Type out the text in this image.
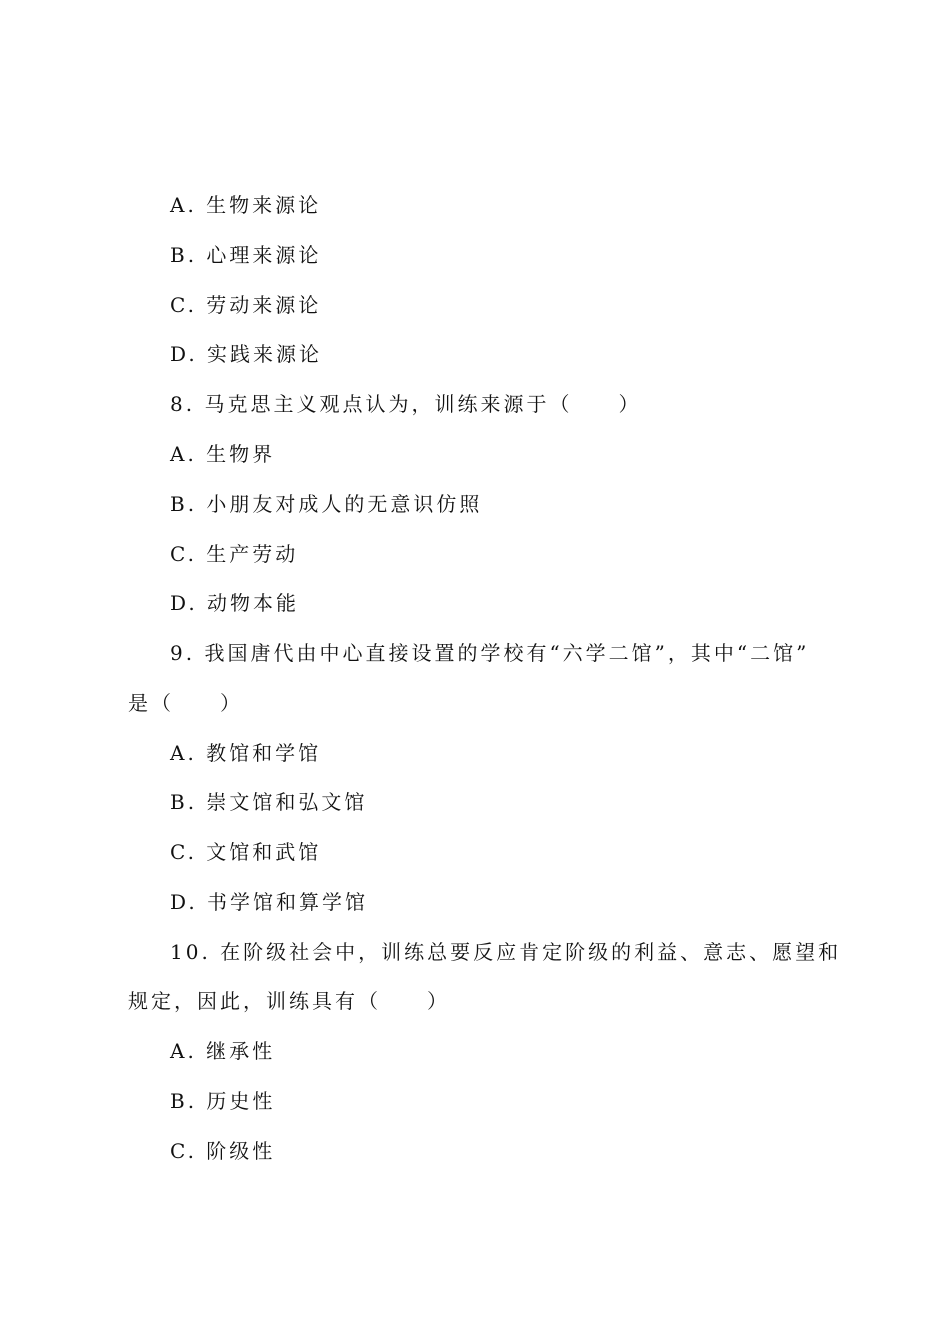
A. 生物来源论
B. 心理来源论
C. 劳动来源论
D. 实践来源论
8. 马克思主义观点认为，训练来源于（　　）
A. 生物界
B. 小朋友对成人的无意识仿照
C. 生产劳动
D. 动物本能
9. 我国唐代由中心直接设置的学校有“六学二馆”，其中“二馆”
是（　　）
A. 教馆和学馆
B. 崇文馆和弘文馆
C. 文馆和武馆
D. 书学馆和算学馆
10. 在阶级社会中，训练总要反应肯定阶级的利益、意志、愿望和
规定，因此，训练具有（　　）
A. 继承性
B. 历史性
C. 阶级性
